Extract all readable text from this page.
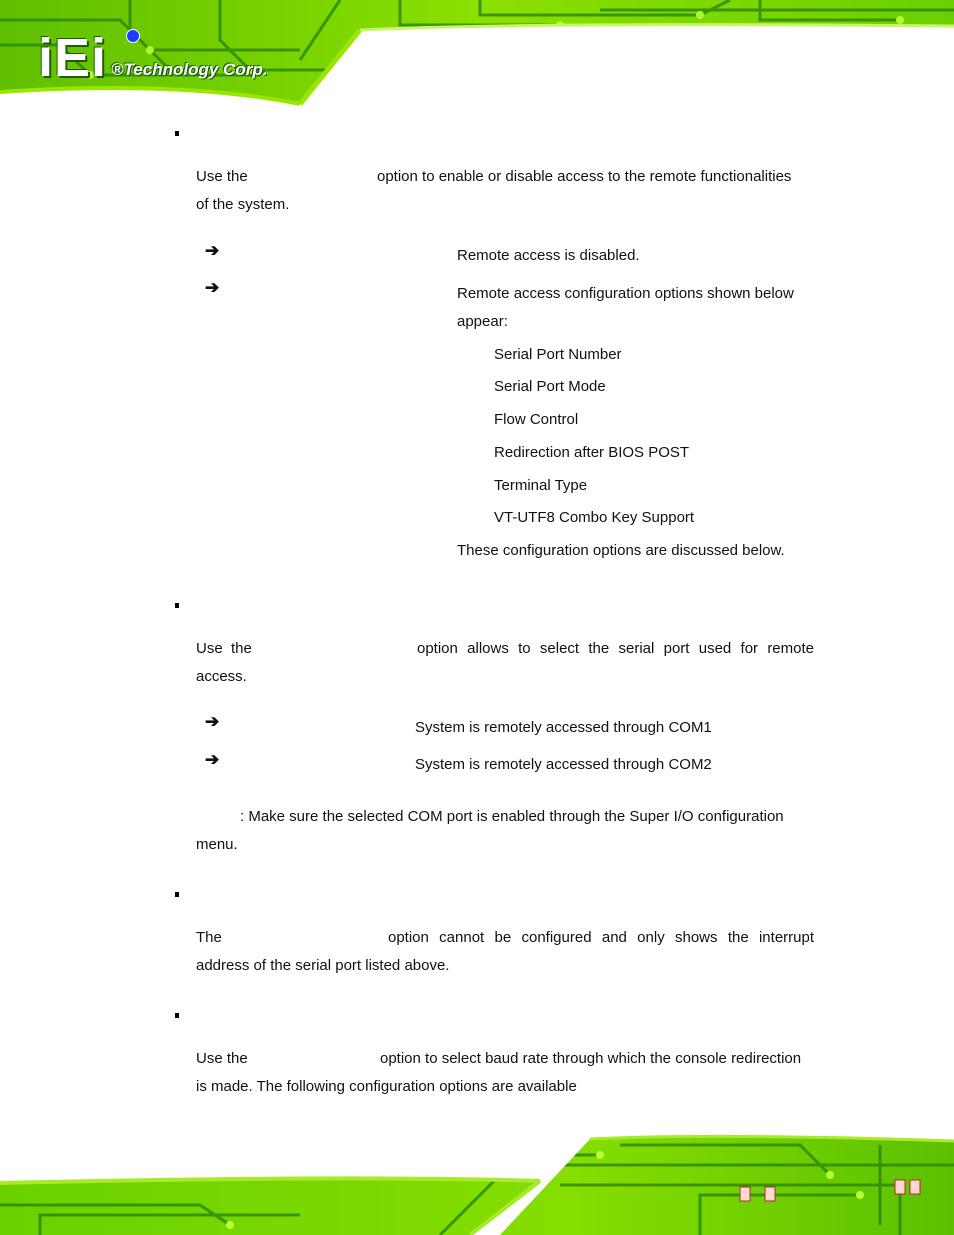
iEi ®Technology Corp.
Use the	option to enable or disable access to the remote functionalities
of the system.
➔	Remote access is disabled.
➔	Remote access configuration options shown below
appear:
Serial Port Number
Serial Port Mode
Flow Control
Redirection after BIOS POST
Terminal Type
VT-UTF8 Combo Key Support
These configuration options are discussed below.
Use the	option allows to select the serial port used for remote
access.
➔	System is remotely accessed through COM1
➔	System is remotely accessed through COM2
: Make sure the selected COM port is enabled through the Super I/O configuration
menu.
The	option cannot be configured and only shows the interrupt
address of the serial port listed above.
Use the	option to select baud rate through which the console redirection
is made. The following configuration options are available
